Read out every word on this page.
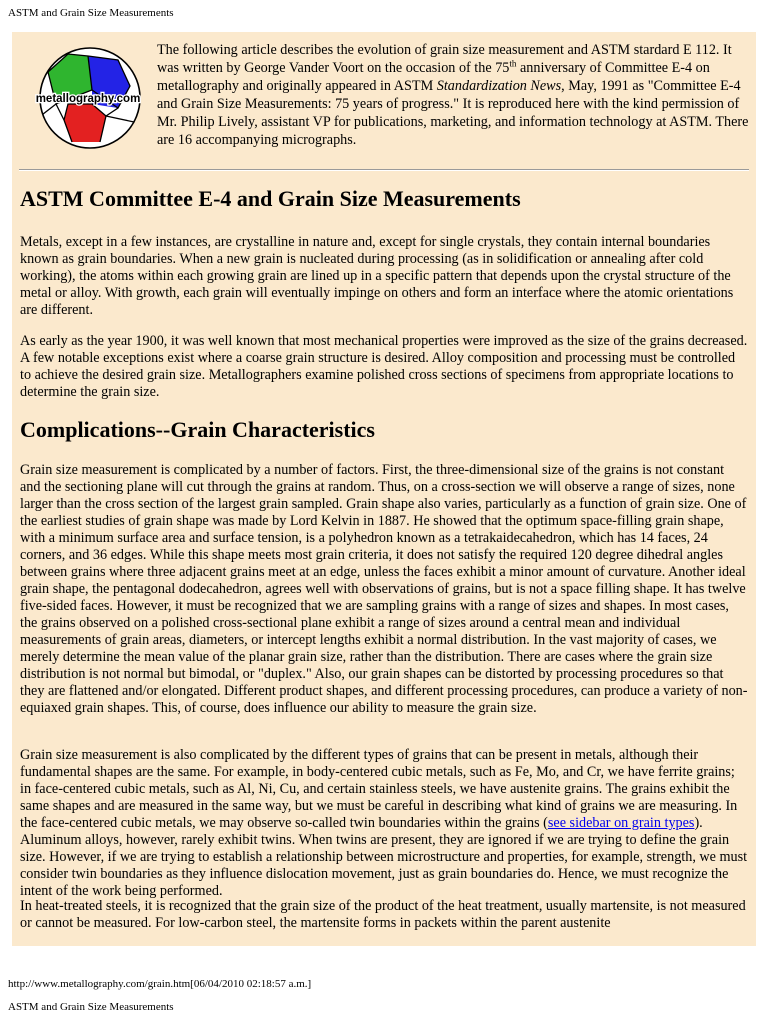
ASTM and Grain Size Measurements
metallography.com
The following article describes the evolution of grain size measurement and ASTM stardard E 112. It was written by George Vander Voort on the occasion of the 75th anniversary of Committee E-4 on metallography and originally appeared in ASTM Standardization News, May, 1991 as "Committee E-4 and Grain Size Measurements: 75 years of progress." It is reproduced here with the kind permission of Mr. Philip Lively, assistant VP for publications, marketing, and information technology at ASTM. There are 16 accompanying micrographs.
ASTM Committee E-4 and Grain Size Measurements

Metals, except in a few instances, are crystalline in nature and, except for single crystals, they contain internal boundaries known as grain boundaries. When a new grain is nucleated during processing (as in solidification or annealing after cold working), the atoms within each growing grain are lined up in a specific pattern that depends upon the crystal structure of the metal or alloy. With growth, each grain will eventually impinge on others and form an interface where the atomic orientations are different.

As early as the year 1900, it was well known that most mechanical properties were improved as the size of the grains decreased. A few notable exceptions exist where a coarse grain structure is desired. Alloy composition and processing must be controlled to achieve the desired grain size. Metallographers examine polished cross sections of specimens from appropriate locations to determine the grain size.

Complications--Grain Characteristics

Grain size measurement is complicated by a number of factors. First, the three-dimensional size of the grains is not constant and the sectioning plane will cut through the grains at random. Thus, on a cross-section we will observe a range of sizes, none larger than the cross section of the largest grain sampled. Grain shape also varies, particularly as a function of grain size. One of the earliest studies of grain shape was made by Lord Kelvin in 1887. He showed that the optimum space-filling grain shape, with a minimum surface area and surface tension, is a polyhedron known as a tetrakaidecahedron, which has 14 faces, 24 corners, and 36 edges. While this shape meets most grain criteria, it does not satisfy the required 120 degree dihedral angles between grains where three adjacent grains meet at an edge, unless the faces exhibit a minor amount of curvature. Another ideal grain shape, the pentagonal dodecahedron, agrees well with observations of grains, but is not a space filling shape. It has twelve five-sided faces. However, it must be recognized that we are sampling grains with a range of sizes and shapes. In most cases, the grains observed on a polished cross-sectional plane exhibit a range of sizes around a central mean and individual measurements of grain areas, diameters, or intercept lengths exhibit a normal distribution. In the vast majority of cases, we merely determine the mean value of the planar grain size, rather than the distribution. There are cases where the grain size distribution is not normal but bimodal, or "duplex." Also, our grain shapes can be distorted by processing procedures so that they are flattened and/or elongated. Different product shapes, and different processing procedures, can produce a variety of non-equiaxed grain shapes. This, of course, does influence our ability to measure the grain size.

Grain size measurement is also complicated by the different types of grains that can be present in metals, although their fundamental shapes are the same. For example, in body-centered cubic metals, such as Fe, Mo, and Cr, we have ferrite grains; in face-centered cubic metals, such as Al, Ni, Cu, and certain stainless steels, we have austenite grains. The grains exhibit the same shapes and are measured in the same way, but we must be careful in describing what kind of grains we are measuring. In the face-centered cubic metals, we may observe so-called twin boundaries within the grains (see sidebar on grain types). Aluminum alloys, however, rarely exhibit twins. When twins are present, they are ignored if we are trying to define the grain size. However, if we are trying to establish a relationship between microstructure and properties, for example, strength, we must consider twin boundaries as they influence dislocation movement, just as grain boundaries do. Hence, we must recognize the intent of the work being performed.

In heat-treated steels, it is recognized that the grain size of the product of the heat treatment, usually martensite, is not measured or cannot be measured. For low-carbon steel, the martensite forms in packets within the parent austenite

http://www.metallography.com/grain.htm[06/04/2010 02:18:57 a.m.]
ASTM and Grain Size Measurements
